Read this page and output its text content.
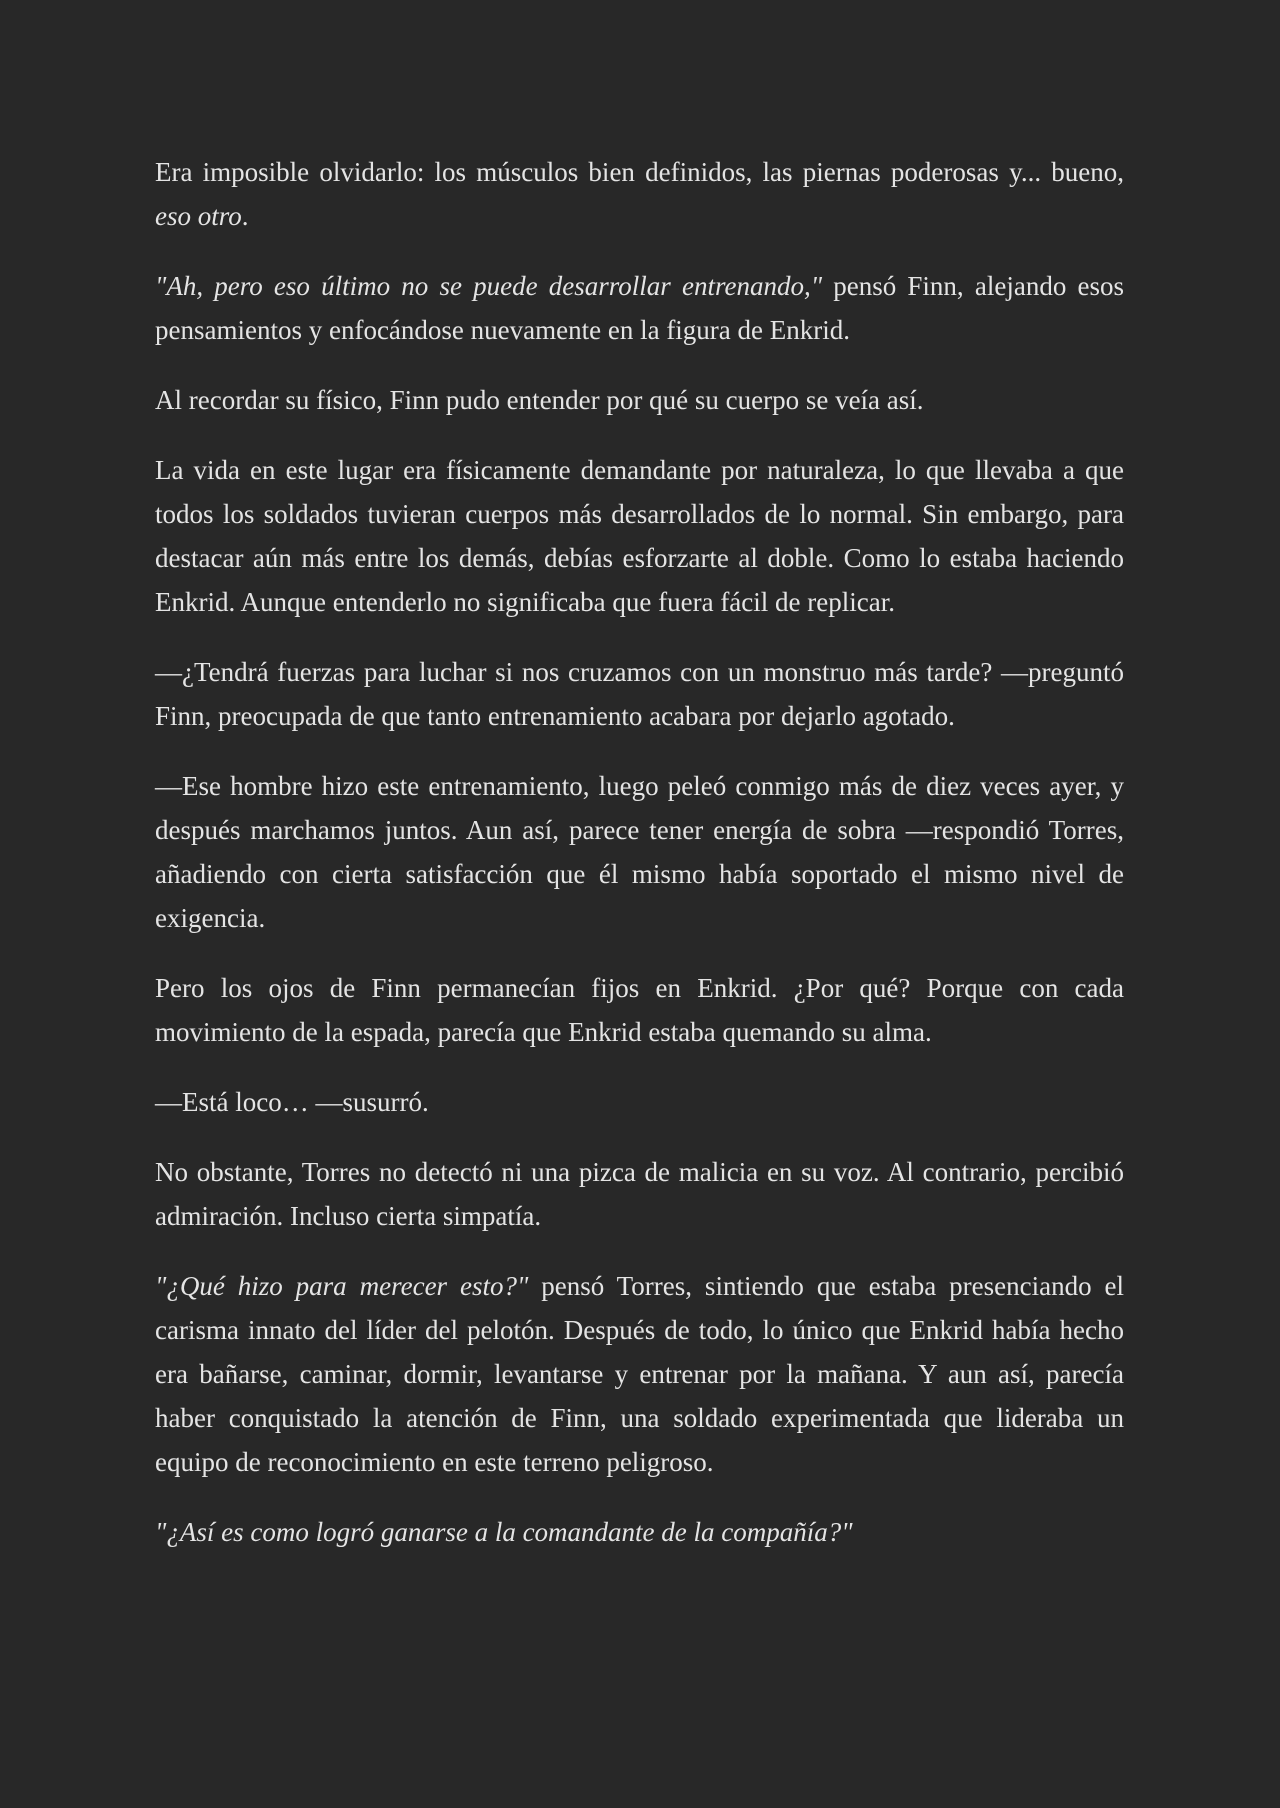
Era imposible olvidarlo: los músculos bien definidos, las piernas poderosas y... bueno, eso otro.

"Ah, pero eso último no se puede desarrollar entrenando," pensó Finn, alejando esos pensamientos y enfocándose nuevamente en la figura de Enkrid.

Al recordar su físico, Finn pudo entender por qué su cuerpo se veía así.

La vida en este lugar era físicamente demandante por naturaleza, lo que llevaba a que todos los soldados tuvieran cuerpos más desarrollados de lo normal. Sin embargo, para destacar aún más entre los demás, debías esforzarte al doble. Como lo estaba haciendo Enkrid. Aunque entenderlo no significaba que fuera fácil de replicar.

—¿Tendrá fuerzas para luchar si nos cruzamos con un monstruo más tarde? —preguntó Finn, preocupada de que tanto entrenamiento acabara por dejarlo agotado.

—Ese hombre hizo este entrenamiento, luego peleó conmigo más de diez veces ayer, y después marchamos juntos. Aun así, parece tener energía de sobra —respondió Torres, añadiendo con cierta satisfacción que él mismo había soportado el mismo nivel de exigencia.

Pero los ojos de Finn permanecían fijos en Enkrid. ¿Por qué? Porque con cada movimiento de la espada, parecía que Enkrid estaba quemando su alma.

—Está loco… —susurró.

No obstante, Torres no detectó ni una pizca de malicia en su voz. Al contrario, percibió admiración. Incluso cierta simpatía.

"¿Qué hizo para merecer esto?" pensó Torres, sintiendo que estaba presenciando el carisma innato del líder del pelotón. Después de todo, lo único que Enkrid había hecho era bañarse, caminar, dormir, levantarse y entrenar por la mañana. Y aun así, parecía haber conquistado la atención de Finn, una soldado experimentada que lideraba un equipo de reconocimiento en este terreno peligroso.

"¿Así es como logró ganarse a la comandante de la compañía?"
